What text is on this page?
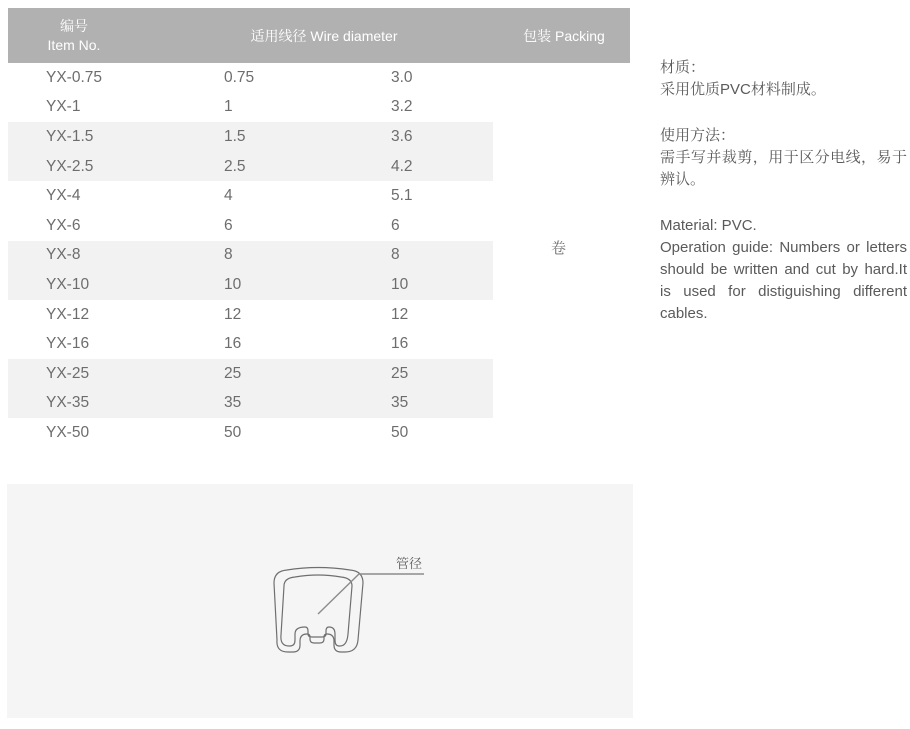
编号
Item No.
适用线径 Wire diameter	包装 Packing
YX-0.75	0.75	3.0
YX-1	1	3.2
YX-1.5	1.5	3.6
YX-2.5	2.5	4.2
YX-4	4	5.1
YX-6	6	6
YX-8	8	8
YX-10	10	10
YX-12	12	12
YX-16	16	16
YX-25	25	25
YX-35	35	35
YX-50	50	50
卷
材质：
采用优质PVC材料制成。
使用方法：
需手写并裁剪，用于区分电线，易于辨认。
Material: PVC.
Operation guide: Numbers or letters should be written and cut by hard.It is used for distiguishing different cables.
管径
